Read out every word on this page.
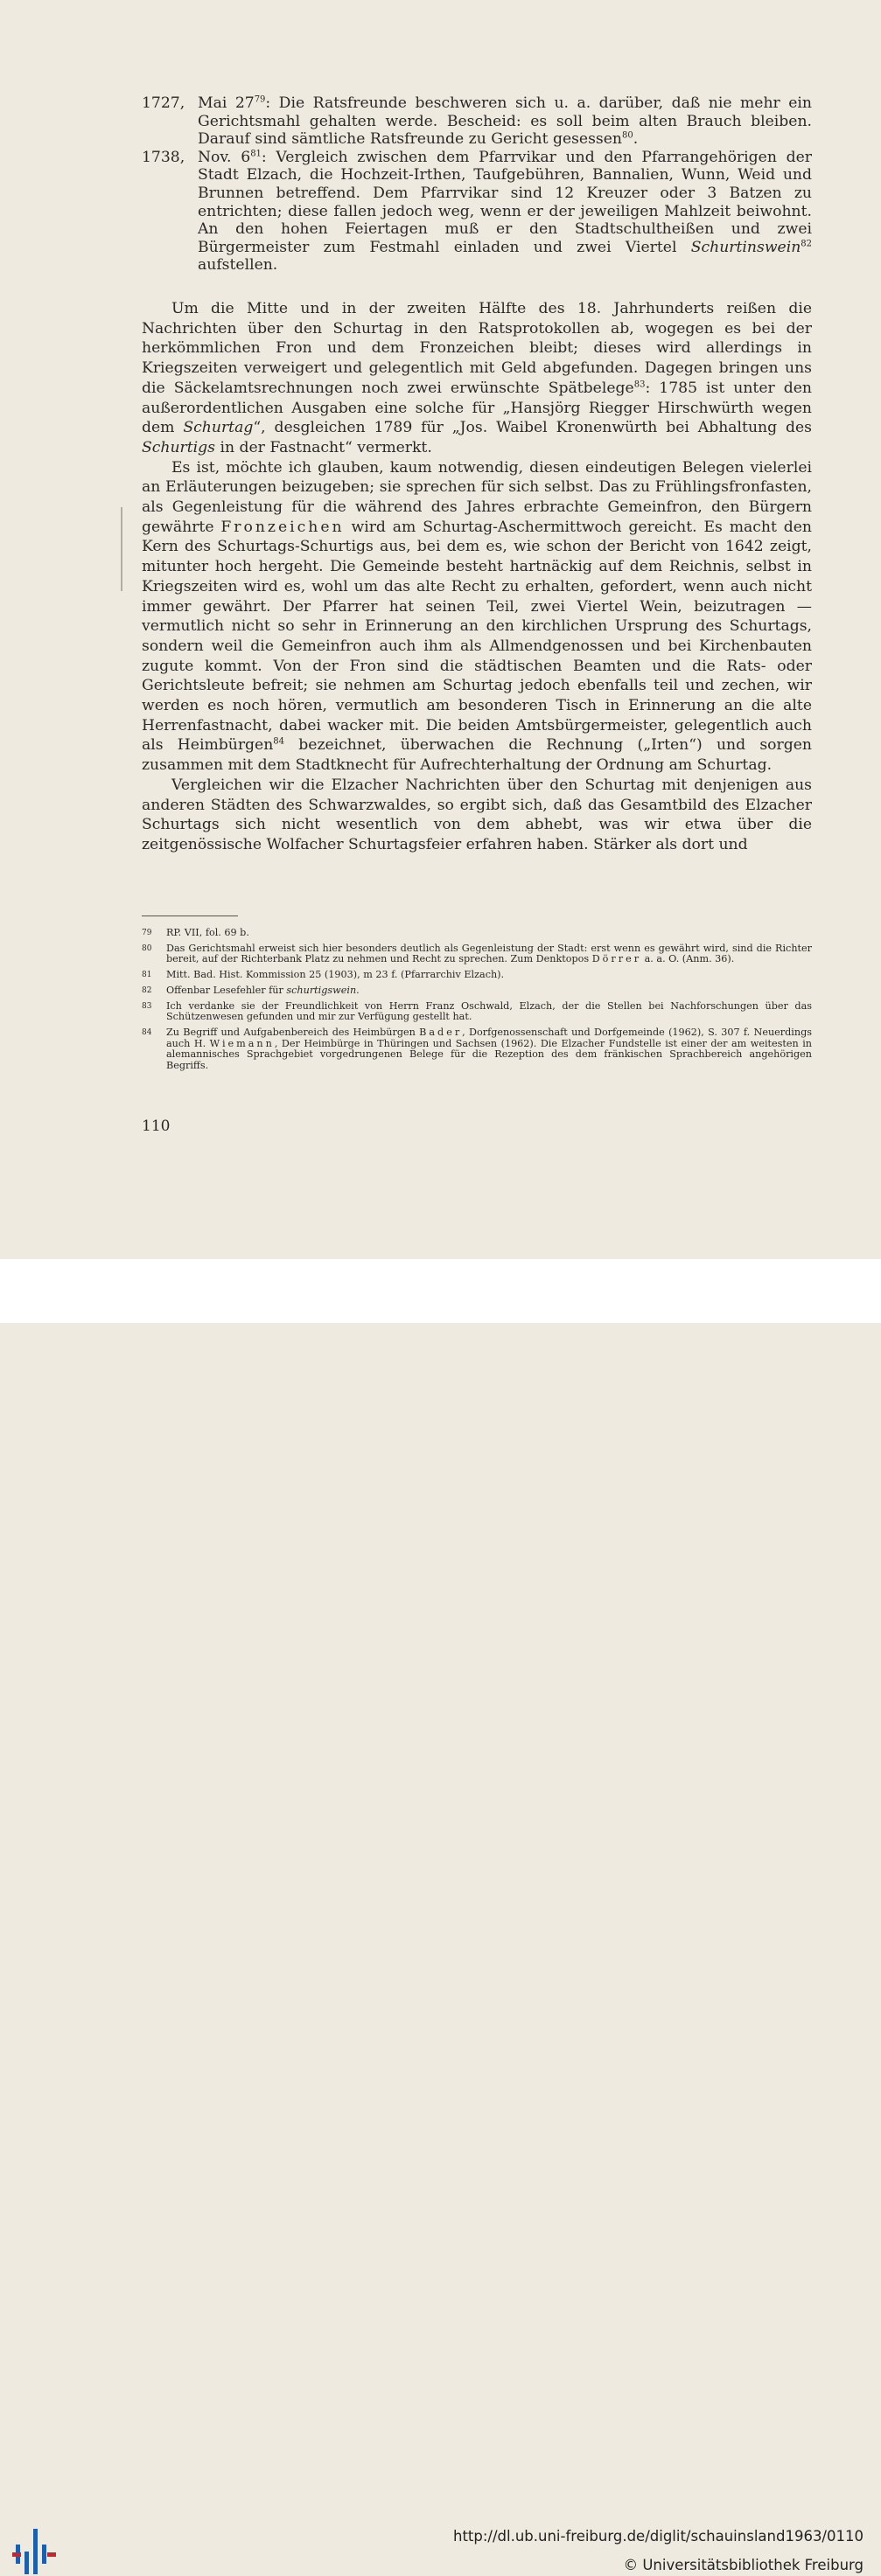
1727, Mai $27^{79}$: Die Ratsfreunde beschweren sich u. a. darüber, daß nie mehr ein Gerichtsmahl gehalten werde. Bescheid: es soll beim alten Brauch bleiben. Darauf sind sämtliche Ratsfreunde zu Gericht gesessen$^{80}$.
1738, Nov. $6^{81}$: Vergleich zwischen dem Pfarrvikar und den Pfarrangehörigen der Stadt Elzach, die Hochzeit-Irthen, Taufgebühren, Bannalien, Wunn, Weid und Brunnen betreffend. Dem Pfarrvikar sind 12 Kreuzer oder 3 Batzen zu entrichten; diese fallen jedoch weg, wenn er der jeweiligen Mahlzeit beiwohnt. An den hohen Feiertagen muß er den Stadtschultheißen und zwei Bürgermeister zum Festmahl einladen und zwei Viertel Schurtinswein$^{82}$ aufstellen.

Um die Mitte und in der zweiten Hälfte des 18. Jahrhunderts reißen die Nachrichten über den Schurtag in den Ratsprotokollen ab, wogegen es bei der herkömmlichen Fron und dem Fronzeichen bleibt; dieses wird allerdings in Kriegszeiten verweigert und gelegentlich mit Geld abgefunden. Dagegen bringen uns die Säckelamtsrechnungen noch zwei erwünschte Spätbelege$^{83}$: 1785 ist unter den außerordentlichen Ausgaben eine solche für „Hansjörg Riegger Hirschwürth wegen dem Schurtag“, desgleichen 1789 für „Jos. Waibel Kronenwürth bei Abhaltung des Schurtigs in der Fastnacht“ vermerkt.

Es ist, möchte ich glauben, kaum notwendig, diesen eindeutigen Belegen vielerlei an Erläuterungen beizugeben; sie sprechen für sich selbst. Das zu Frühlingsfronfasten, als Gegenleistung für die während des Jahres erbrachte Gemeinfron, den Bürgern gewährte Fronzeichen wird am Schurtag-Aschermittwoch gereicht. Es macht den Kern des Schurtags-Schurtigs aus, bei dem es, wie schon der Bericht von 1642 zeigt, mitunter hoch hergeht. Die Gemeinde besteht hartnäckig auf dem Reichnis, selbst in Kriegszeiten wird es, wohl um das alte Recht zu erhalten, gefordert, wenn auch nicht immer gewährt. Der Pfarrer hat seinen Teil, zwei Viertel Wein, beizutragen — vermutlich nicht so sehr in Erinnerung an den kirchlichen Ursprung des Schurtags, sondern weil die Gemeinfron auch ihm als Allmendgenossen und bei Kirchenbauten zugute kommt. Von der Fron sind die städtischen Beamten und die Rats- oder Gerichtsleute befreit; sie nehmen am Schurtag jedoch ebenfalls teil und zechen, wir werden es noch hören, vermutlich am besonderen Tisch in Erinnerung an die alte Herrenfastnacht, dabei wacker mit. Die beiden Amtsbürgermeister, gelegentlich auch als Heimbürgen$^{84}$ bezeichnet, überwachen die Rechnung („Irten“) und sorgen zusammen mit dem Stadtknecht für Aufrechterhaltung der Ordnung am Schurtag.

Vergleichen wir die Elzacher Nachrichten über den Schurtag mit denjenigen aus anderen Städten des Schwarzwaldes, so ergibt sich, daß das Gesamtbild des Elzacher Schurtags sich nicht wesentlich von dem abhebt, was wir etwa über die zeitgenössische Wolfacher Schurtagsfeier erfahren haben. Stärker als dort und

79	RP. VII, fol. 69 b.
80	Das Gerichtsmahl erweist sich hier besonders deutlich als Gegenleistung der Stadt: erst wenn es gewährt wird, sind die Richter bereit, auf der Richterbank Platz zu nehmen und Recht zu sprechen. Zum Denktopos Dörrer a. a. O. (Anm. 36).
81	Mitt. Bad. Hist. Kommission 25 (1903), m 23 f. (Pfarrarchiv Elzach).
82	Offenbar Lesefehler für schurtigswein.
83	Ich verdanke sie der Freundlichkeit von Herrn Franz Oschwald, Elzach, der die Stellen bei Nachforschungen über das Schützenwesen gefunden und mir zur Verfügung gestellt hat.
84	Zu Begriff und Aufgabenbereich des Heimbürgen Bader, Dorfgenossenschaft und Dorfgemeinde (1962), S. 307 f. Neuerdings auch H. Wiemann, Der Heimbürge in Thüringen und Sachsen (1962). Die Elzacher Fundstelle ist einer der am weitesten in alemannisches Sprachgebiet vorgedrungenen Belege für die Rezeption des dem fränkischen Sprachbereich angehörigen Begriffs.
110
http://dl.ub.uni-freiburg.de/diglit/schauinsland1963/0110
© Universitätsbibliothek Freiburg
